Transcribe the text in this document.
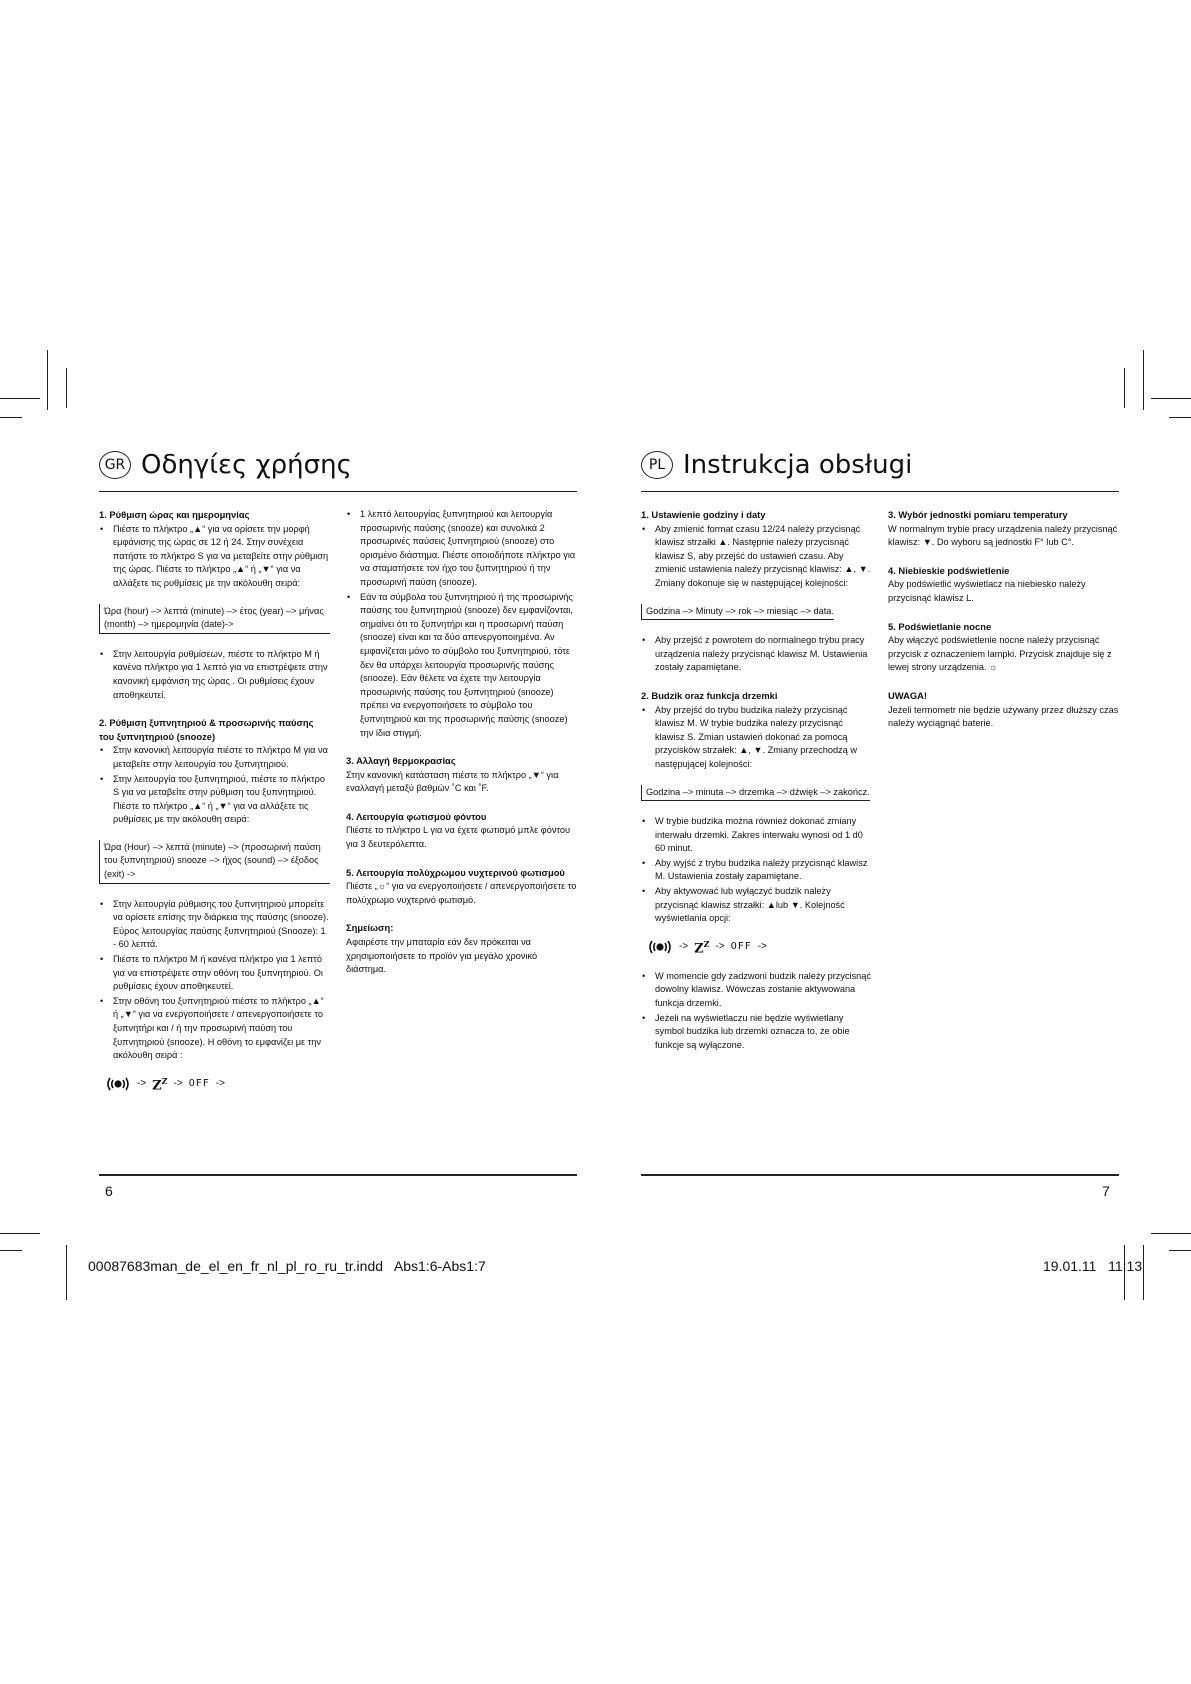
GR Οδηγίες χρήσης
1. Ρύθμιση ώρας και ημερομηνίας
• Πιέστε το πλήκτρο „▲“ για να ορίσετε την μορφή εμφάνισης της ώρας σε 12 ή 24. Στην συνέχεια πατήστε το πλήκτρο S για να μεταβείτε στην ρύθμιση της ώρας. Πιέστε το πλήκτρο „▲“ ή „▼“ για να αλλάξετε τις ρυθμίσεις με την ακόλουθη σειρά:
Ώρα (hour) –> λεπτά (minute) –> έτος (year) –> μήνας (month) –> ημερομηνία (date)->
• Στην λειτουργία ρυθμίσεων, πιέστε το πλήκτρο M ή κανένα πλήκτρο για 1 λεπτό για να επιστρέψετε στην κανονική εμφάνιση της ώρας . Οι ρυθμίσεις έχουν αποθηκευτεί.
2. Ρύθμιση ξυπνητηριού & προσωρινής παύσης του ξυπνητηριού (snooze)
• Στην κανονική λειτουργία πιέστε το πλήκτρο M για να μεταβείτε στην λειτουργία του ξυπνητηριού.
• Στην λειτουργία του ξυπνητηριού, πιέστε το πλήκτρο S για να μεταβείτε στην ρύθμιση του ξυπνητηριού. Πιέστε το πλήκτρο „▲“ ή „▼“ για να αλλάξετε τις ρυθμίσεις με την ακόλουθη σειρά:
Ώρα (Hour) –> λεπτά (minute) –> (προσωρινή παύση του ξυπνητηριού) snooze –> ήχος (sound) –> έξοδος (exit) ->
• Στην λειτουργία ρύθμισης του ξυπνητηριού μπορείτε να ορίσετε επίσης την διάρκεια της παύσης (snooze). Εύρος λειτουργίας παύσης ξυπνητηριού (Snooze): 1 - 60 λεπτά.
• Πιέστε το πλήκτρο M ή κανένα πλήκτρο για 1 λεπτό για να επιστρέψετε στην οθόνη του ξυπνητηριού. Οι ρυθμίσεις έχουν αποθηκευτεί.
• Στην οθόνη του ξυπνητηριού πιέστε το πλήκτρο „▲“ ή „▼“ για να ενεργοποιήσετε / απενεργοποιήσετε το ξυπνητήρι και / ή την προσωρινή παύση του ξυπνητηριού (snooze). Η οθόνη το εμφανίζει με την ακόλουθη σειρά :
-> $Z^Z$ -> OFF ->
• 1 λεπτό λειτουργίας ξυπνητηριού και λειτουργία προσωρινής παύσης (snooze) και συνολικά 2 προσωρινές παύσεις ξυπνητηριού (snooze) στο ορισμένο διάστημα. Πιέστε οποιοδήποτε πλήκτρο για να σταματήσετε τον ήχο του ξυπνητηριού ή την προσωρινή παύση (snooze).
• Εάν τα σύμβολα του ξυπνητηριού ή της προσωρινής παύσης του ξυπνητηριού (snooze) δεν εμφανίζονται, σημαίνει ότι το ξυπνητήρι και η προσωρινή παύση (snooze) είναι και τα δύο απενεργοποιημένα. Αν εμφανίζεται μόνο το σύμβολο του ξυπνητηριού, τότε δεν θα υπάρχει λειτουργία προσωρινής παύσης (snooze). Εάν θέλετε να έχετε την λειτουργία προσωρινής παύσης του ξυπνητηριού (snooze) πρέπει να ενεργοποιήσετε το σύμβολο του ξυπνητηριού και της προσωρινής παύσης (snooze) την ίδια στιγμή.
3. Αλλαγή θερμοκρασίας

Στην κανονική κατάσταση πιέστε το πλήκτρο „▼“ για εναλλαγή μεταξύ βαθμών ˚C και ˚F.

4. Λειτουργία φωτισμού φόντου

Πιέστε το πλήκτρο L για να έχετε φωτισμό μπλε φόντου για 3 δευτερόλεπτα.

5. Λειτουργία πολύχρωμου νυχτερινού φωτισμού

Πιέστε „☼“ για να ενεργοποιήσετε / απενεργοποιήσετε το πολύχρωμο νυχτερινό φωτισμό.

Σημείωση:

Αφαιρέστε την μπαταρία εάν δεν πρόκειται να χρησιμοποιήσετε το προϊόν για μεγάλο χρονικό διάστημα.

PL Instrukcja obsługi
1. Ustawienie godziny i daty
• Aby zmienić format czasu 12/24 należy przycisnąć klawisz strzałki ▲. Następnie należy przycisnąć klawisz S, aby przejść do ustawień czasu. Aby zmienić ustawienia należy przycisnąć klawisz: ▲, ▼. Zmiany dokonuje się w następującej kolejności:
Godzina –> Minuty –> rok –> miesiąc –> data.
• Aby przejść z powrotem do normalnego trybu pracy urządzenia należy przycisnąć klawisz M. Ustawienia zostały zapamiętane.
2. Budzik oraz funkcja drzemki
• Aby przejść do trybu budzika należy przycisnąć klawisz M. W trybie budzika należy przycisnąć klawisz S. Zmian ustawień dokonać za pomocą przycisków strzałek: ▲, ▼. Zmiany przechodzą w następującej kolejności:
Godzina –> minuta –> drzemka –> dźwięk –> zakończ.
• W trybie budzika można również dokonać zmiany interwału drzemki. Zakres interwału wynosi od 1 d0 60 minut.
• Aby wyjść z trybu budzika należy przycisnąć klawisz M. Ustawienia zostały zapamiętane.
• Aby aktywować lub wyłączyć budzik należy przycisnąć klawisz strzałki: ▲lub ▼. Kolejność wyświetlania opcji:
-> $Z^Z$ -> OFF ->
• W momencie gdy zadzwoni budzik należy przycisnąć dowolny klawisz. Wówczas zostanie aktywowana funkcja drzemki.
• Jeżeli na wyświetlaczu nie będzie wyświetlany symbol budzika lub drzemki oznacza to, że obie funkcje są wyłączone.
3. Wybór jednostki pomiaru temperatury

W normalnym trybie pracy urządzenia należy przycisnąć klawisz: ▼. Do wyboru są jednostki F° lub C°.

4. Niebieskie podświetlenie

Aby podświetlić wyświetlacz na niebiesko należy przycisnąć klawisz L.

5. Podświetlanie nocne

Aby włączyć podświetlenie nocne należy przycisnąć przycisk z oznaczeniem lampki. Przycisk znajduje się z lewej strony urządzenia. ☼

UWAGA!

Jeżeli termometr nie będzie używany przez dłuższy czas należy wyciągnąć baterie.

6	7
00087683man_de_el_en_fr_nl_pl_ro_ru_tr.indd   Abs1:6-Abs1:7	19.01.11   11:13
